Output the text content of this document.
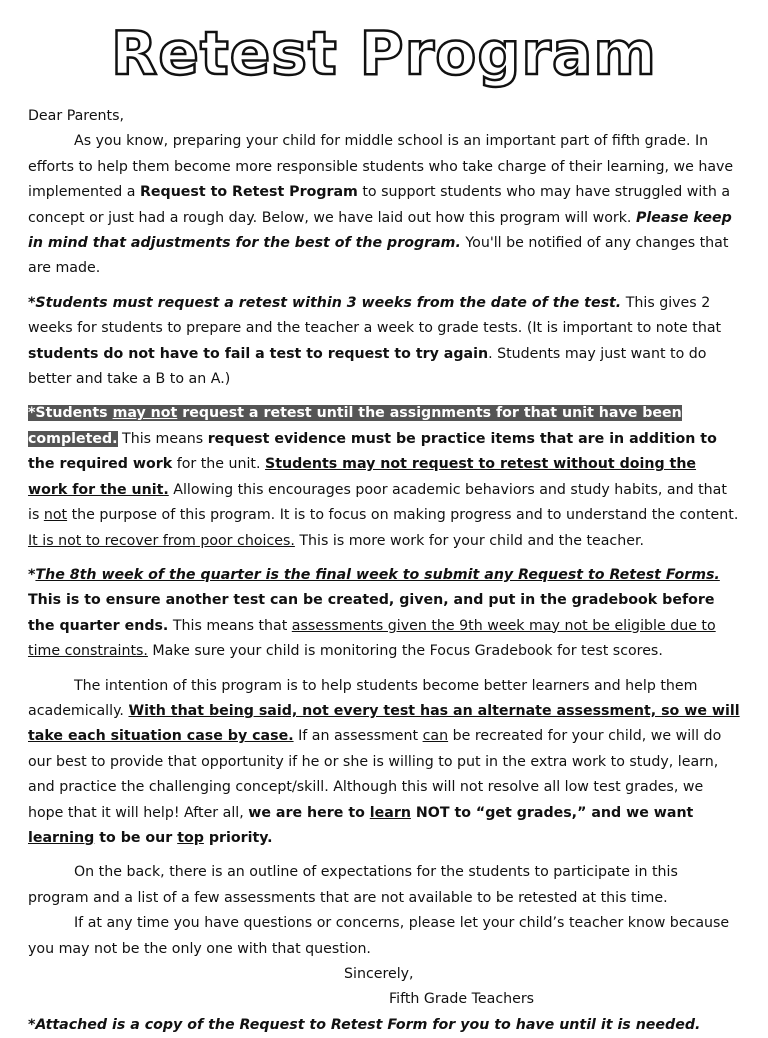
Retest Program

Dear Parents,

As you know, preparing your child for middle school is an important part of fifth grade. In efforts to help them become more responsible students who take charge of their learning, we have implemented a Request to Retest Program to support students who may have struggled with a concept or just had a rough day. Below, we have laid out how this program will work. Please keep in mind that adjustments for the best of the program. You'll be notified of any changes that are made.

*Students must request a retest within 3 weeks from the date of the test. This gives 2 weeks for students to prepare and the teacher a week to grade tests. (It is important to note that students do not have to fail a test to request to try again. Students may just want to do better and take a B to an A.)

*Students may not request a retest until the assignments for that unit have been completed. This means request evidence must be practice items that are in addition to the required work for the unit. Students may not request to retest without doing the work for the unit. Allowing this encourages poor academic behaviors and study habits, and that is not the purpose of this program. It is to focus on making progress and to understand the content. It is not to recover from poor choices. This is more work for your child and the teacher.

*The 8th week of the quarter is the final week to submit any Request to Retest Forms. This is to ensure another test can be created, given, and put in the gradebook before the quarter ends. This means that assessments given the 9th week may not be eligible due to time constraints. Make sure your child is monitoring the Focus Gradebook for test scores.

The intention of this program is to help students become better learners and help them academically. With that being said, not every test has an alternate assessment, so we will take each situation case by case. If an assessment can be recreated for your child, we will do our best to provide that opportunity if he or she is willing to put in the extra work to study, learn, and practice the challenging concept/skill. Although this will not resolve all low test grades, we hope that it will help! After all, we are here to learn NOT to “get grades,” and we want learning to be our top priority.

On the back, there is an outline of expectations for the students to participate in this program and a list of a few assessments that are not available to be retested at this time.

If at any time you have questions or concerns, please let your child’s teacher know because you may not be the only one with that question.

Sincerely,

Fifth Grade Teachers

*Attached is a copy of the Request to Retest Form for you to have until it is needed.
